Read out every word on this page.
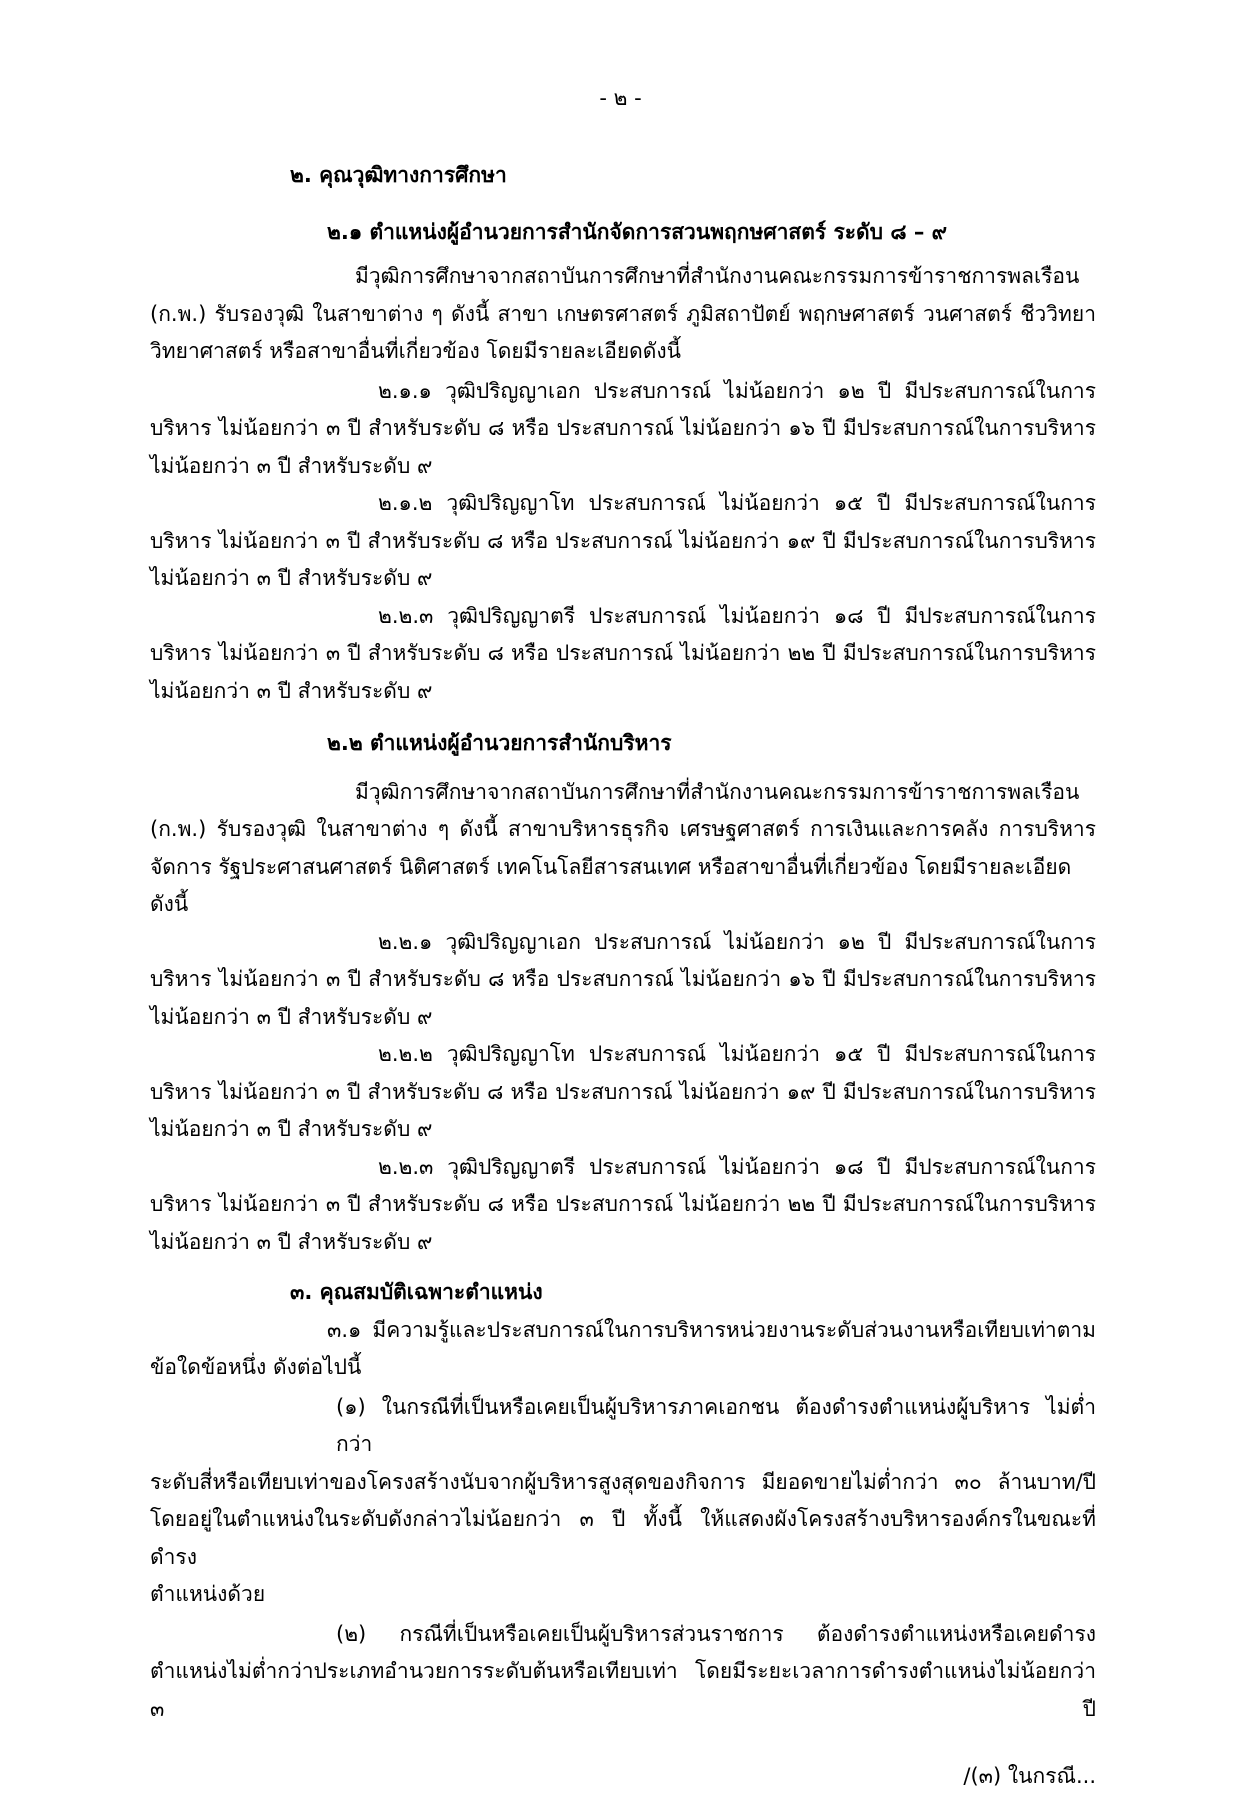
- ๒ -
๒. คุณวุฒิทางการศึกษา
๒.๑ ตำแหน่งผู้อำนวยการสำนักจัดการสวนพฤกษศาสตร์ ระดับ ๘ – ๙
มีวุฒิการศึกษาจากสถาบันการศึกษาที่สำนักงานคณะกรรมการข้าราชการพลเรือน
(ก.พ.) รับรองวุฒิ ในสาขาต่าง ๆ ดังนี้ สาขา เกษตรศาสตร์ ภูมิสถาปัตย์ พฤกษศาสตร์ วนศาสตร์ ชีววิทยา
วิทยาศาสตร์ หรือสาขาอื่นที่เกี่ยวข้อง โดยมีรายละเอียดดังนี้
๒.๑.๑ วุฒิปริญญาเอก ประสบการณ์ ไม่น้อยกว่า ๑๒ ปี มีประสบการณ์ในการ
บริหาร ไม่น้อยกว่า ๓ ปี สำหรับระดับ ๘ หรือ ประสบการณ์ ไม่น้อยกว่า ๑๖ ปี มีประสบการณ์ในการบริหาร
ไม่น้อยกว่า ๓ ปี สำหรับระดับ ๙
๒.๑.๒ วุฒิปริญญาโท ประสบการณ์ ไม่น้อยกว่า ๑๕ ปี มีประสบการณ์ในการ
บริหาร ไม่น้อยกว่า ๓ ปี สำหรับระดับ ๘ หรือ ประสบการณ์ ไม่น้อยกว่า ๑๙ ปี มีประสบการณ์ในการบริหาร
ไม่น้อยกว่า ๓ ปี สำหรับระดับ ๙
๒.๒.๓ วุฒิปริญญาตรี ประสบการณ์ ไม่น้อยกว่า ๑๘ ปี มีประสบการณ์ในการ
บริหาร ไม่น้อยกว่า ๓ ปี สำหรับระดับ ๘ หรือ ประสบการณ์ ไม่น้อยกว่า ๒๒ ปี มีประสบการณ์ในการบริหาร
ไม่น้อยกว่า ๓ ปี สำหรับระดับ ๙
๒.๒ ตำแหน่งผู้อำนวยการสำนักบริหาร
มีวุฒิการศึกษาจากสถาบันการศึกษาที่สำนักงานคณะกรรมการข้าราชการพลเรือน
(ก.พ.) รับรองวุฒิ ในสาขาต่าง ๆ ดังนี้ สาขาบริหารธุรกิจ เศรษฐศาสตร์ การเงินและการคลัง การบริหาร
จัดการ รัฐประศาสนศาสตร์ นิติศาสตร์ เทคโนโลยีสารสนเทศ หรือสาขาอื่นที่เกี่ยวข้อง โดยมีรายละเอียดดังนี้
๒.๒.๑ วุฒิปริญญาเอก ประสบการณ์ ไม่น้อยกว่า ๑๒ ปี มีประสบการณ์ในการ
บริหาร ไม่น้อยกว่า ๓ ปี สำหรับระดับ ๘ หรือ ประสบการณ์ ไม่น้อยกว่า ๑๖ ปี มีประสบการณ์ในการบริหาร
ไม่น้อยกว่า ๓ ปี สำหรับระดับ ๙
๒.๒.๒ วุฒิปริญญาโท ประสบการณ์ ไม่น้อยกว่า ๑๕ ปี มีประสบการณ์ในการ
บริหาร ไม่น้อยกว่า ๓ ปี สำหรับระดับ ๘ หรือ ประสบการณ์ ไม่น้อยกว่า ๑๙ ปี มีประสบการณ์ในการบริหาร
ไม่น้อยกว่า ๓ ปี สำหรับระดับ ๙
๒.๒.๓ วุฒิปริญญาตรี ประสบการณ์ ไม่น้อยกว่า ๑๘ ปี มีประสบการณ์ในการ
บริหาร ไม่น้อยกว่า ๓ ปี สำหรับระดับ ๘ หรือ ประสบการณ์ ไม่น้อยกว่า ๒๒ ปี มีประสบการณ์ในการบริหาร
ไม่น้อยกว่า ๓ ปี สำหรับระดับ ๙
๓. คุณสมบัติเฉพาะตำแหน่ง
๓.๑ มีความรู้และประสบการณ์ในการบริหารหน่วยงานระดับส่วนงานหรือเทียบเท่าตาม
ข้อใดข้อหนึ่ง ดังต่อไปนี้
(๑) ในกรณีที่เป็นหรือเคยเป็นผู้บริหารภาคเอกชน ต้องดำรงตำแหน่งผู้บริหาร ไม่ต่ำกว่า
ระดับสี่หรือเทียบเท่าของโครงสร้างนับจากผู้บริหารสูงสุดของกิจการ มียอดขายไม่ต่ำกว่า ๓๐ ล้านบาท/ปี
โดยอยู่ในตำแหน่งในระดับดังกล่าวไม่น้อยกว่า ๓ ปี ทั้งนี้ ให้แสดงผังโครงสร้างบริหารองค์กรในขณะที่ดำรง
ตำแหน่งด้วย
(๒) กรณีที่เป็นหรือเคยเป็นผู้บริหารส่วนราชการ ต้องดำรงตำแหน่งหรือเคยดำรง
ตำแหน่งไม่ต่ำกว่าประเภทอำนวยการระดับต้นหรือเทียบเท่า โดยมีระยะเวลาการดำรงตำแหน่งไม่น้อยกว่า ๓ ปี
/(๓) ในกรณี...
